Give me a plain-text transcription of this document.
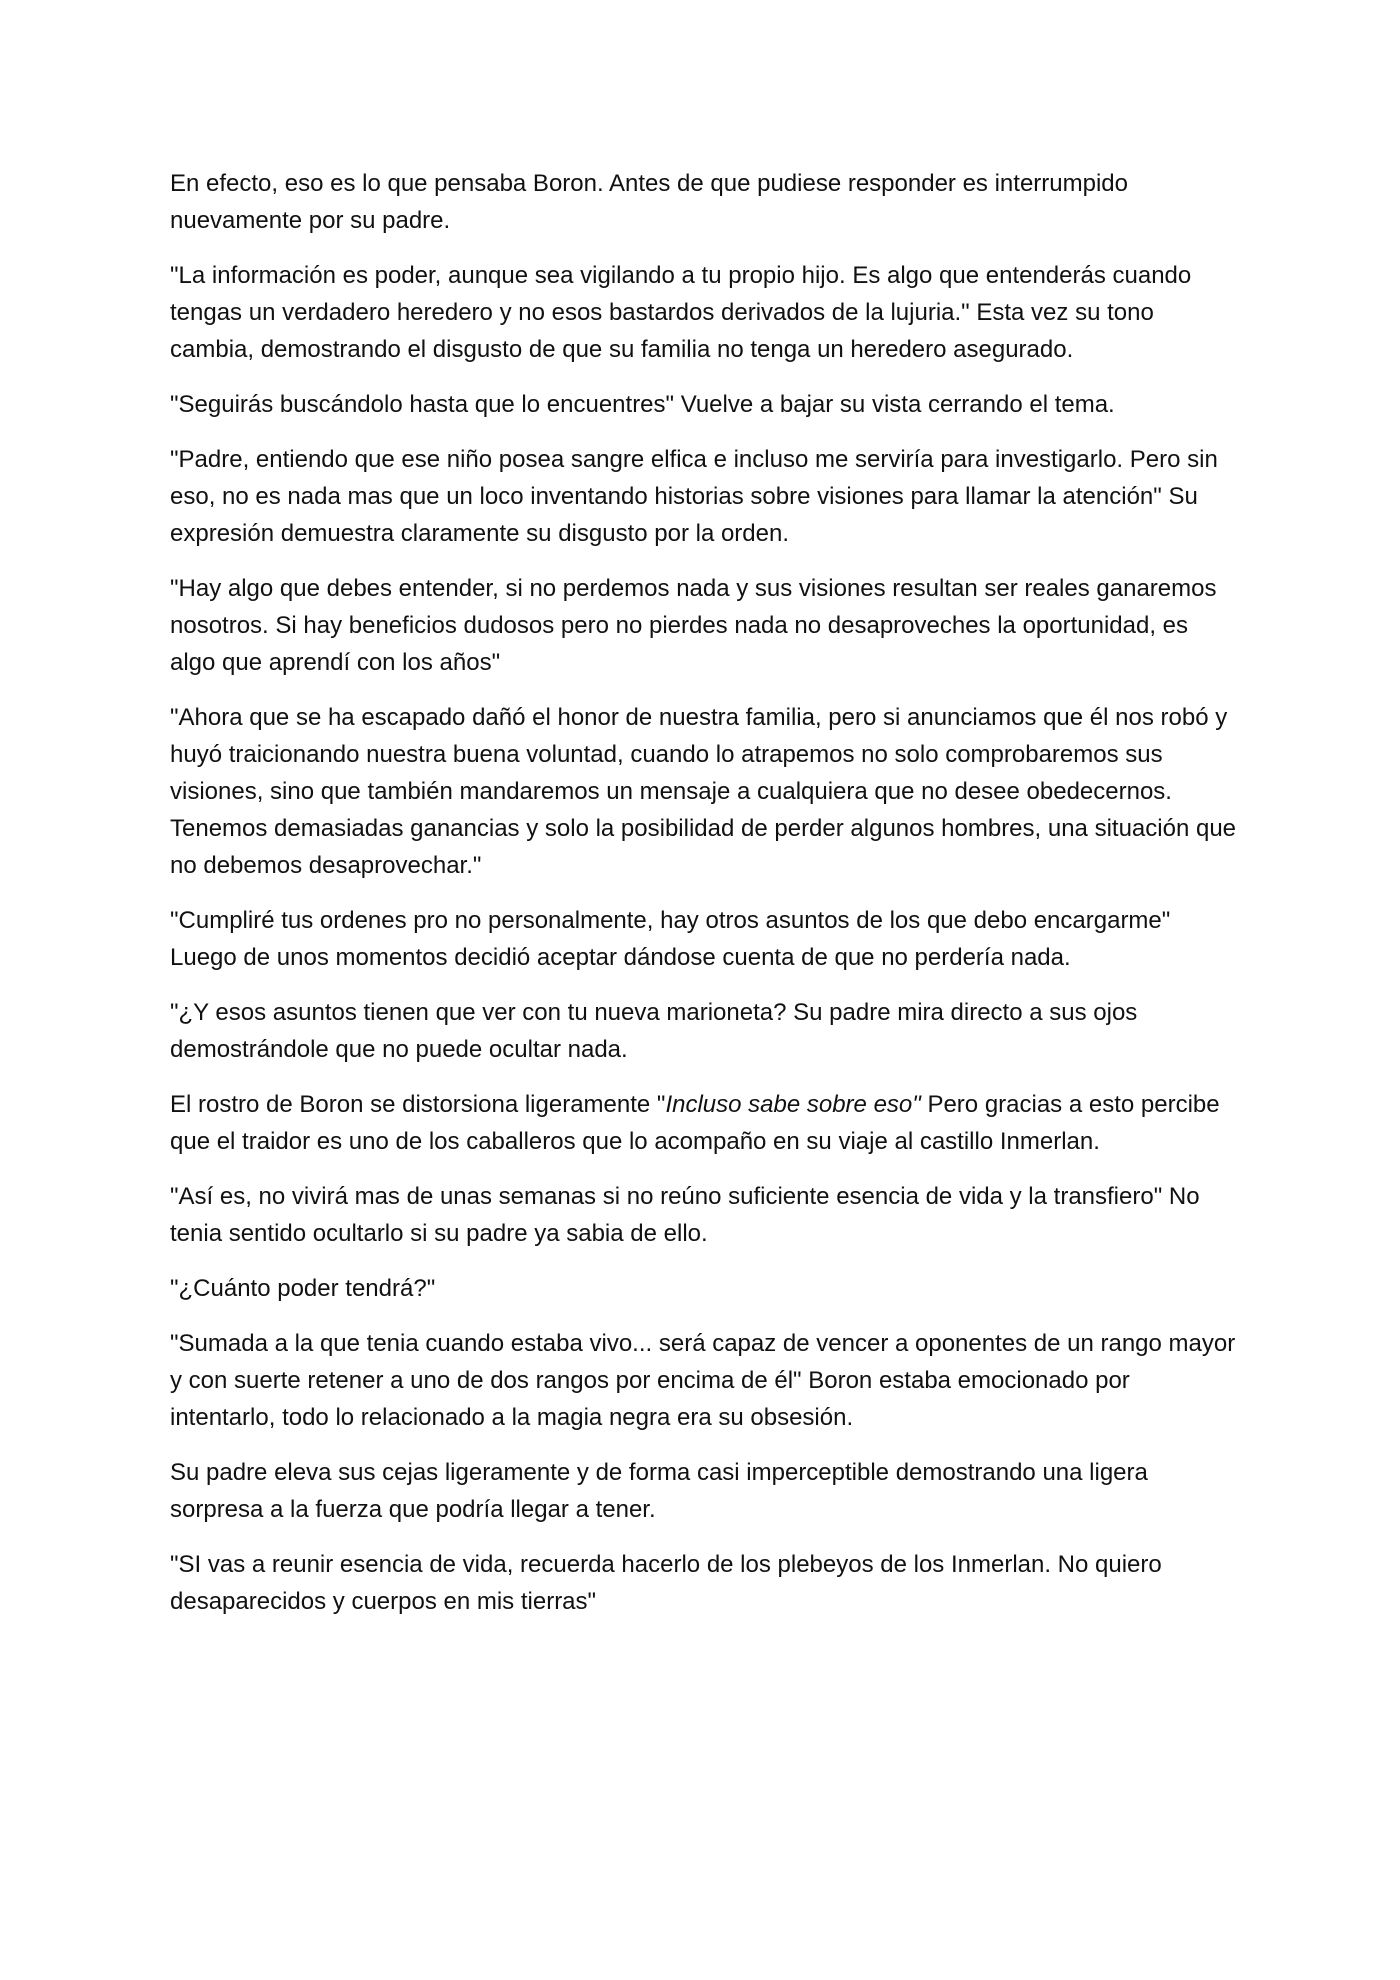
En efecto, eso es lo que pensaba Boron. Antes de que pudiese responder es interrumpido nuevamente por su padre.

"La información es poder, aunque sea vigilando a tu propio hijo. Es algo que entenderás cuando tengas un verdadero heredero y no esos bastardos derivados de la lujuria." Esta vez su tono cambia, demostrando el disgusto de que su familia no tenga un heredero asegurado.

"Seguirás buscándolo hasta que lo encuentres" Vuelve a bajar su vista cerrando el tema.

"Padre, entiendo que ese niño posea sangre elfica e incluso me serviría para investigarlo. Pero sin eso, no es nada mas que un loco inventando historias sobre visiones para llamar la atención" Su expresión demuestra claramente su disgusto por la orden.

"Hay algo que debes entender, si no perdemos nada y sus visiones resultan ser reales ganaremos nosotros. Si hay beneficios dudosos pero no pierdes nada no desaproveches la oportunidad, es algo que aprendí con los años"

"Ahora que se ha escapado dañó el honor de nuestra familia, pero si anunciamos que él nos robó y huyó traicionando nuestra buena voluntad, cuando lo atrapemos no solo comprobaremos sus visiones, sino que también mandaremos un mensaje a cualquiera que no desee obedecernos. Tenemos demasiadas ganancias y solo la posibilidad de perder algunos hombres, una situación que no debemos desaprovechar."

"Cumpliré tus ordenes pro no personalmente, hay otros asuntos de los que debo encargarme" Luego de unos momentos decidió aceptar dándose cuenta de que no perdería nada.

"¿Y esos asuntos tienen que ver con tu nueva marioneta? Su padre mira directo a sus ojos demostrándole que no puede ocultar nada.

El rostro de Boron se distorsiona ligeramente "Incluso sabe sobre eso" Pero gracias a esto percibe que el traidor es uno de los caballeros que lo acompaño en su viaje al castillo Inmerlan.

"Así es, no vivirá mas de unas semanas si no reúno suficiente esencia de vida y la transfiero" No tenia sentido ocultarlo si su padre ya sabia de ello.

"¿Cuánto poder tendrá?"

"Sumada a la que tenia cuando estaba vivo... será capaz de vencer a oponentes de un rango mayor y con suerte retener a uno de dos rangos por encima de él" Boron estaba emocionado por intentarlo, todo lo relacionado a la magia negra era su obsesión.

Su padre eleva sus cejas ligeramente y de forma casi imperceptible demostrando una ligera sorpresa a la fuerza que podría llegar a tener.

"SI vas a reunir esencia de vida, recuerda hacerlo de los plebeyos de los Inmerlan. No quiero desaparecidos y cuerpos en mis tierras"
